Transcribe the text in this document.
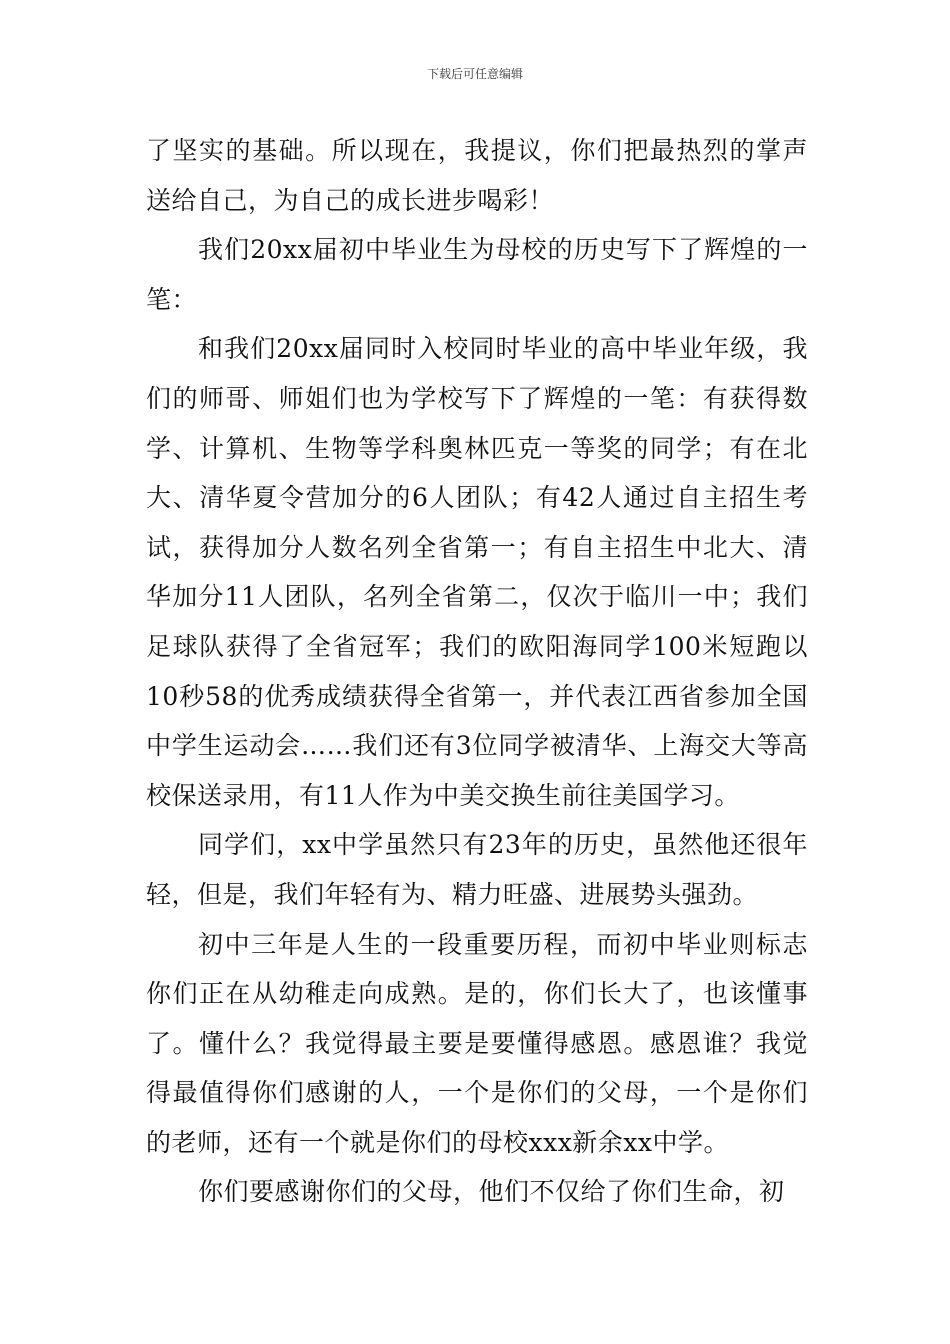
下载后可任意编辑

了坚实的基础。所以现在，我提议，你们把最热烈的掌声送给自己，为自己的成长进步喝彩！

我们20xx届初中毕业生为母校的历史写下了辉煌的一笔：

和我们20xx届同时入校同时毕业的高中毕业年级，我们的师哥、师姐们也为学校写下了辉煌的一笔：有获得数学、计算机、生物等学科奥林匹克一等奖的同学；有在北大、清华夏令营加分的6人团队；有42人通过自主招生考试，获得加分人数名列全省第一；有自主招生中北大、清华加分11人团队，名列全省第二，仅次于临川一中；我们足球队获得了全省冠军；我们的欧阳海同学100米短跑以10秒58的优秀成绩获得全省第一，并代表江西省参加全国中学生运动会……我们还有3位同学被清华、上海交大等高校保送录用，有11人作为中美交换生前往美国学习。

同学们，xx中学虽然只有23年的历史，虽然他还很年轻，但是，我们年轻有为、精力旺盛、进展势头强劲。

初中三年是人生的一段重要历程，而初中毕业则标志你们正在从幼稚走向成熟。是的，你们长大了，也该懂事了。懂什么？我觉得最主要是要懂得感恩。感恩谁？我觉得最值得你们感谢的人，一个是你们的父母，一个是你们的老师，还有一个就是你们的母校xxx新余xx中学。

你们要感谢你们的父母，他们不仅给了你们生命，初
